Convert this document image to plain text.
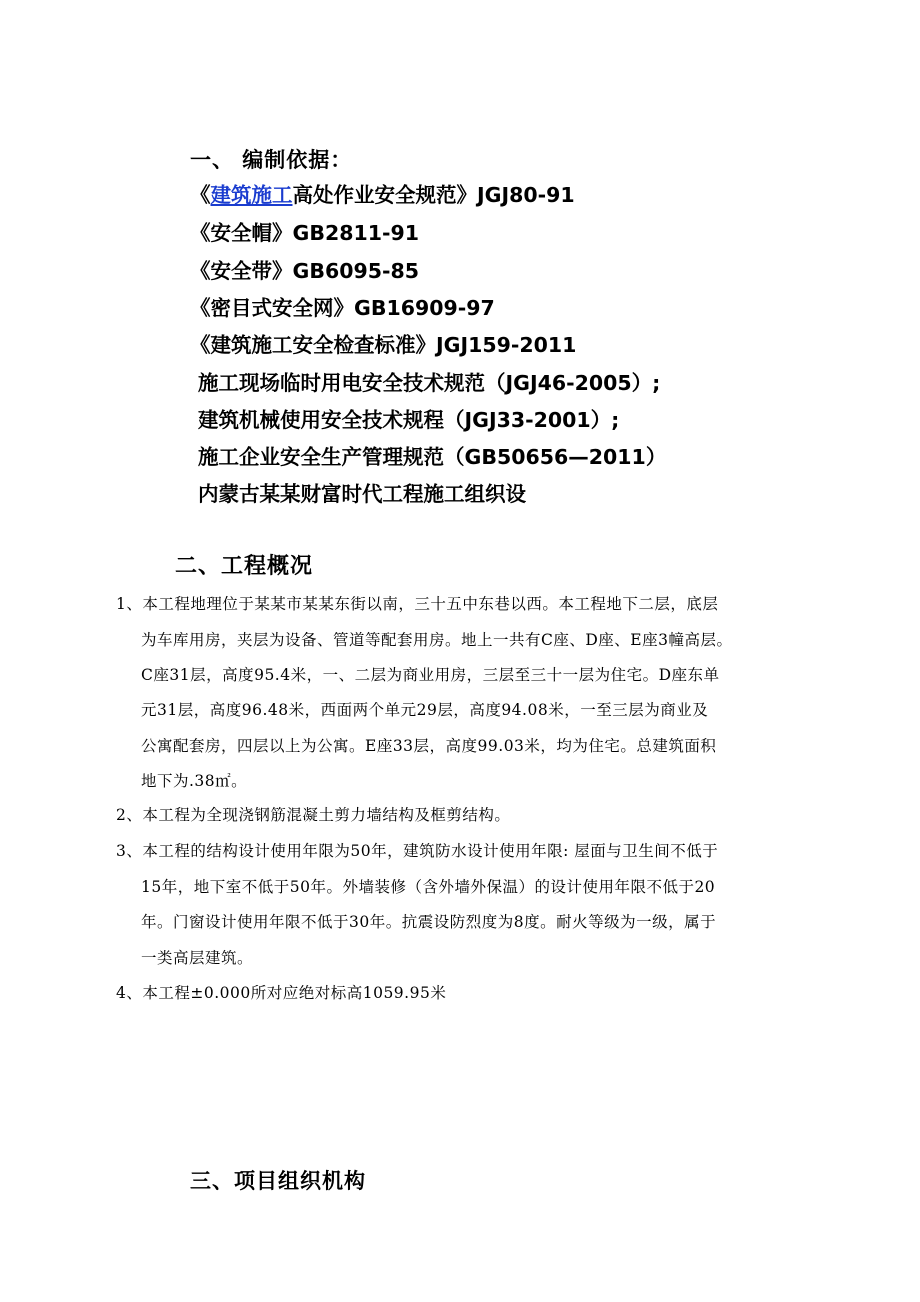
一、 编制依据：
《建筑施工高处作业安全规范》JGJ80-91
《安全帽》GB2811-91
《安全带》GB6095-85
《密目式安全网》GB16909-97
《建筑施工安全检查标准》JGJ159-2011
施工现场临时用电安全技术规范（JGJ46-2005）;
建筑机械使用安全技术规程（JGJ33-2001）;
施工企业安全生产管理规范（GB50656—2011）
内蒙古某某财富时代工程施工组织设
二、工程概况
1、本工程地理位于某某市某某东街以南，三十五中东巷以西。本工程地下二层，底层
为车库用房，夹层为设备、管道等配套用房。地上一共有C座、D座、E座3幢高层。
C座31层，高度95.4米，一、二层为商业用房，三层至三十一层为住宅。D座东单
元31层，高度96.48米，西面两个单元29层，高度94.08米，一至三层为商业及
公寓配套房，四层以上为公寓。E座33层，高度99.03米，均为住宅。总建筑面积
地下为.38㎡。
2、本工程为全现浇钢筋混凝土剪力墙结构及框剪结构。
3、本工程的结构设计使用年限为50年，建筑防水设计使用年限: 屋面与卫生间不低于
15年，地下室不低于50年。外墙装修（含外墙外保温）的设计使用年限不低于20
年。门窗设计使用年限不低于30年。抗震设防烈度为8度。耐火等级为一级，属于
一类高层建筑。
4、本工程±0.000所对应绝对标高1059.95米
三、项目组织机构
